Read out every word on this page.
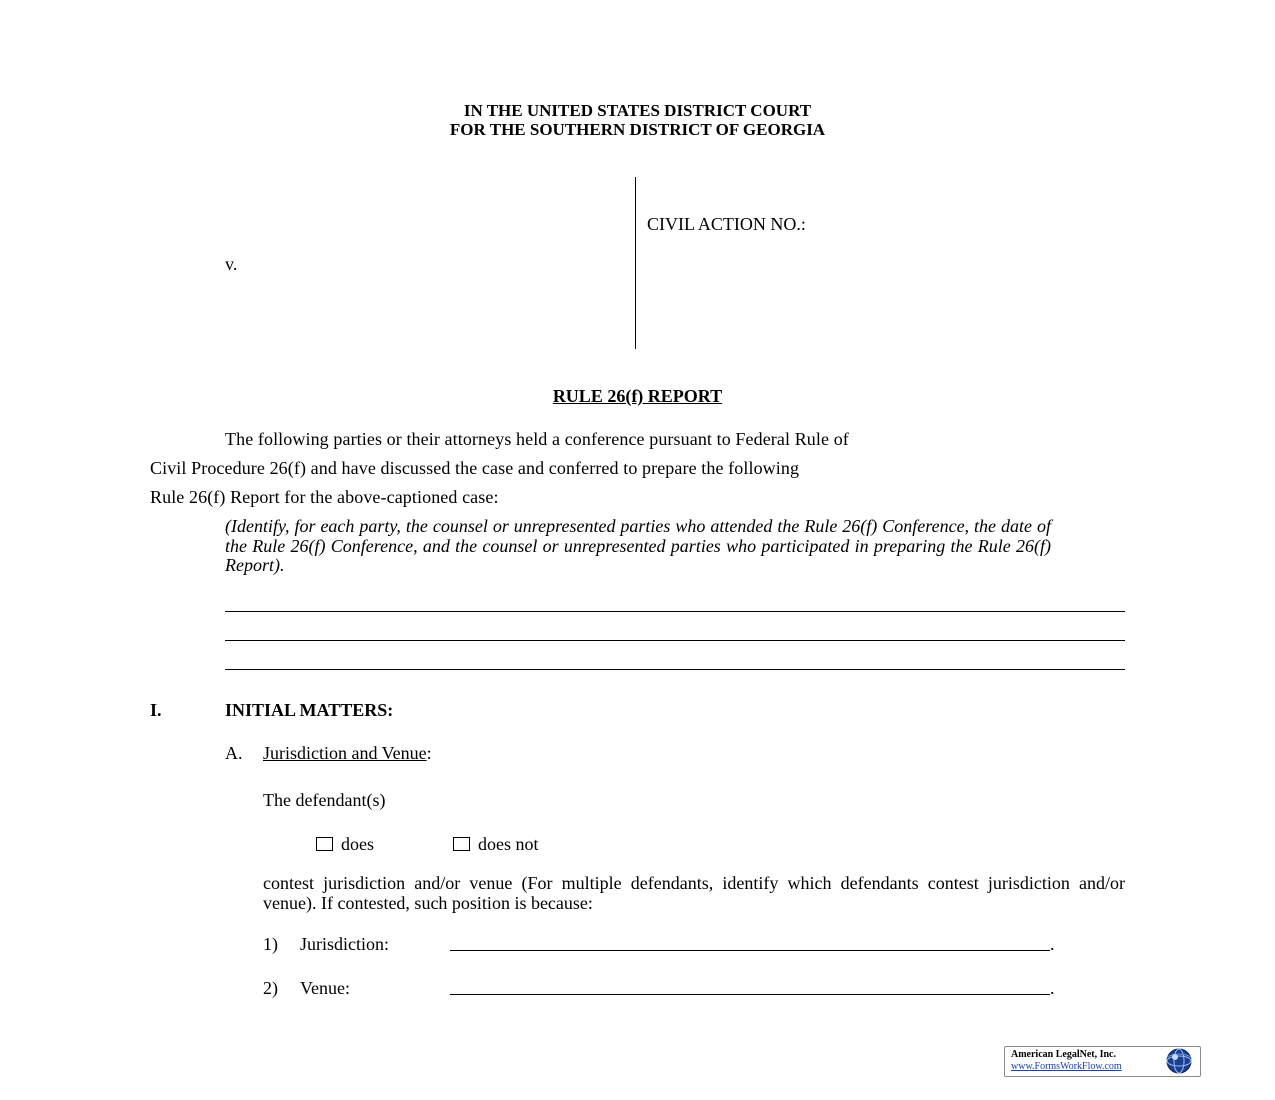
IN THE UNITED STATES DISTRICT COURT
FOR THE SOUTHERN DISTRICT OF GEORGIA
CIVIL ACTION NO.:
v.
RULE 26(f) REPORT
The following parties or their attorneys held a conference pursuant to Federal Rule of
Civil Procedure 26(f) and have discussed the case and conferred to prepare the following
Rule 26(f) Report for the above-captioned case:
(Identify, for each party, the counsel or unrepresented parties who attended the Rule 26(f) Conference, the date of the Rule 26(f) Conference, and the counsel or unrepresented parties who participated in preparing the Rule 26(f) Report).
I.	INITIAL MATTERS:
A. Jurisdiction and Venue:
The defendant(s)
does	does not
contest jurisdiction and/or venue (For multiple defendants, identify which defendants contest jurisdiction and/or venue). If contested, such position is because:
1) Jurisdiction:	.
2) Venue:	.
American LegalNet, Inc.
www.FormsWorkFlow.com
